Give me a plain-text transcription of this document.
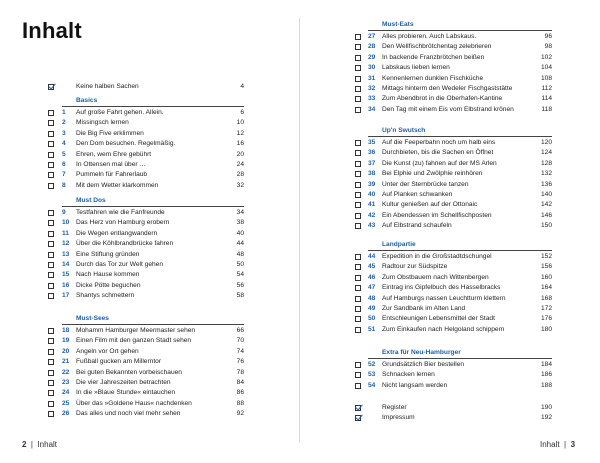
Inhalt
Keine halben Sachen	4
Basics
1	Auf große Fahrt gehen. Allein.	6
2	Missingsch lernen	10
3	Die Big Five erklimmen	12
4	Den Dom besuchen. Regelmäßig.	16
5	Ehren, wem Ehre gebührt	20
6	In Ottensen mal über …	24
7	Pummeln für Fahrerlaub	28
8	Mit dem Wetter klarkommen	32
Must Dos
9	Testfahren wie die Fanfreunde	34
10	Das Herz von Hamburg erobern	38
11	Die Wegen entlangwandern	40
12	Über die Köhlbrandbrücke fahren	44
13	Eine Stiftung gründen	48
14	Durch das Tor zur Welt gehen	50
15	Nach Hause kommen	54
16	Dicke Pötte beguchen	56
17	Shantys schmettern	58
Must-Sees
18	Mohamm Hamburger Meermaster sehen	66
19	Einen Film mit den ganzen Stadt sehen	70
20	Angeln vor Ort gehen	74
21	Fußball gucken am Millerntor	76
22	Bei guten Bekannten vorbeischauen	78
23	Die vier Jahreszeiten betrachten	84
24	In die »Blaue Stunde« eintauchen	86
25	Über das »Goldene Haus« nachdenken	88
26	Das alles und noch viel mehr sehen	92
Must-Eats
27	Alles probieren. Auch Labskaus.	96
28	Den Wellfischbrötchentag zelebrieren	98
29	In backende Franzbrötchen beißen	102
30	Labskaus lieben lernen	104
31	Kennenlernen dunklen Fischküche	108
32	Mittags hinterm den Wedeler Fischgaststätte	112
33	Zum Abendbrot in die Oberhafen-Kantine	114
34	Den Tag mit einem Eis vom Elbstrand krönen	118
Up'n Swutsch
35	Auf die Feeperbahn noch um halb eins	120
36	Durchbieten, bis die Sachen en Öffnet	124
37	Die Kunst (zu) fahnen auf der MS Arlen	128
38	Bei Elphie und Zwölphie reinhören	132
39	Unter der Sternbrücke tanzen	136
40	Auf Planken schwanken	140
41	Kultur genießen auf der Ottonaic	142
42	Ein Abendessen im Schellfischposten	146
43	Auf Elbstrand schaufeln	150
Landpartie
44	Expedition in die Großstadtdschungel	152
45	Radtour zur Südspitze	156
46	Zum Obstbauern nach Wittenbergen	160
47	Eintrag ins Gipfelbuch des Hasselbracks	164
48	Auf Hamburgs nassen Leuchtturm klettern	168
49	Zur Sandbank im Alten Land	172
50	Entschleunigen Lebensmittel der Stadt	176
51	Zum Einkaufen nach Helgoland schippern	180
Extra für Neu-Hamburger
52	Grundsätzlich Bier bestellen	184
53	Schnacken lernen	186
54	Nicht langsam werden	188
Register	190
Impressum	192
2  |  Inhalt	Inhalt  |  3
